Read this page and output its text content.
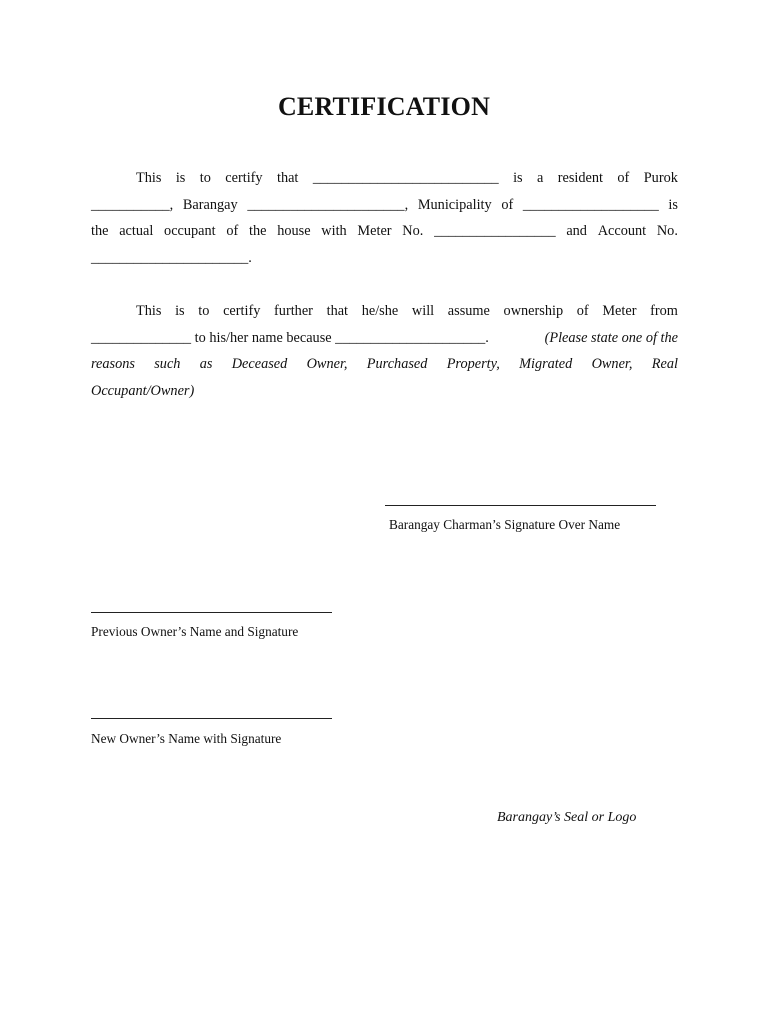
CERTIFICATION
This is to certify that __________________________ is a resident of Purok
___________, Barangay ______________________, Municipality of ___________________ is
the actual occupant of the house with Meter No. _________________ and Account No.
______________________.
This is to certify further that he/she will assume ownership of Meter from
______________ to his/her name because _____________________.	(Please state one of the
reasons such as Deceased Owner, Purchased Property, Migrated Owner, Real
Occupant/Owner)
Barangay Charman’s Signature Over Name
Previous Owner’s Name and Signature
New Owner’s Name with Signature
Barangay’s Seal or Logo
